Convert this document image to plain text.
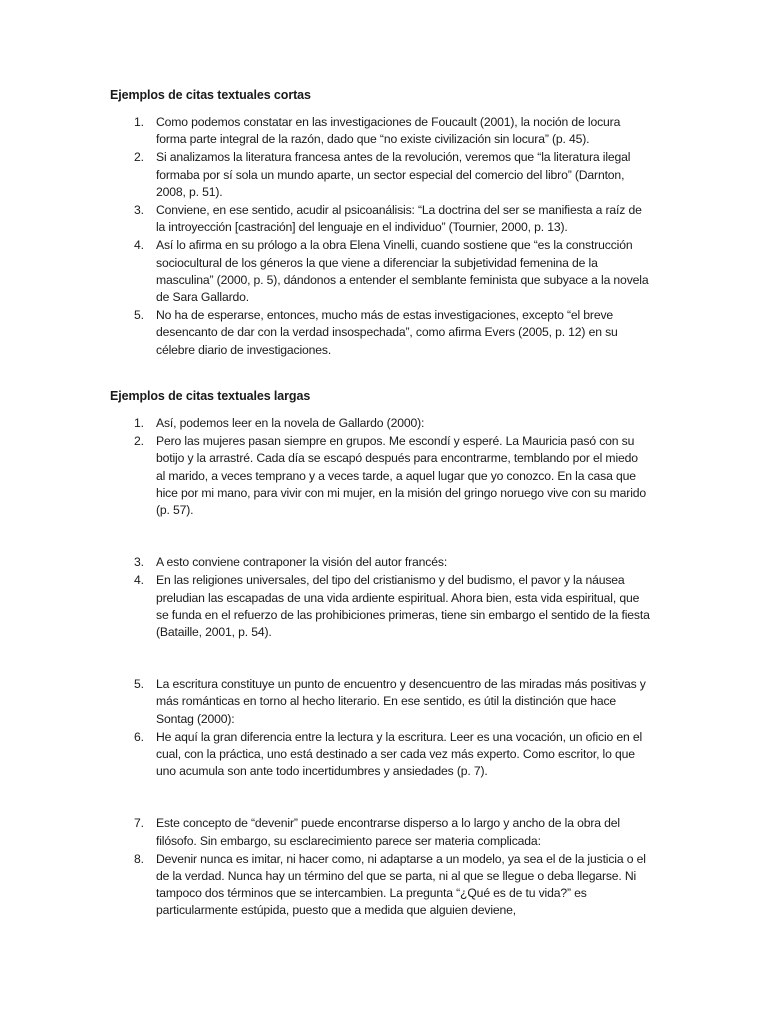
Ejemplos de citas textuales cortas
1. Como podemos constatar en las investigaciones de Foucault (2001), la noción de locura forma parte integral de la razón, dado que “no existe civilización sin locura” (p. 45).
2. Si analizamos la literatura francesa antes de la revolución, veremos que “la literatura ilegal formaba por sí sola un mundo aparte, un sector especial del comercio del libro” (Darnton, 2008, p. 51).
3. Conviene, en ese sentido, acudir al psicoanálisis: “La doctrina del ser se manifiesta a raíz de la introyección [castración] del lenguaje en el individuo” (Tournier, 2000, p. 13).
4. Así lo afirma en su prólogo a la obra Elena Vinelli, cuando sostiene que “es la construcción sociocultural de los géneros la que viene a diferenciar la subjetividad femenina de la masculina” (2000, p. 5), dándonos a entender el semblante feminista que subyace a la novela de Sara Gallardo.
5. No ha de esperarse, entonces, mucho más de estas investigaciones, excepto “el breve desencanto de dar con la verdad insospechada”, como afirma Evers (2005, p. 12) en su célebre diario de investigaciones.
Ejemplos de citas textuales largas
1. Así, podemos leer en la novela de Gallardo (2000):
2. Pero las mujeres pasan siempre en grupos. Me escondí y esperé. La Mauricia pasó con su botijo y la arrastré. Cada día se escapó después para encontrarme, temblando por el miedo al marido, a veces temprano y a veces tarde, a aquel lugar que yo conozco. En la casa que hice por mi mano, para vivir con mi mujer, en la misión del gringo noruego vive con su marido (p. 57).
3. A esto conviene contraponer la visión del autor francés:
4. En las religiones universales, del tipo del cristianismo y del budismo, el pavor y la náusea preludian las escapadas de una vida ardiente espiritual. Ahora bien, esta vida espiritual, que se funda en el refuerzo de las prohibiciones primeras, tiene sin embargo el sentido de la fiesta (Bataille, 2001, p. 54).
5. La escritura constituye un punto de encuentro y desencuentro de las miradas más positivas y más románticas en torno al hecho literario. En ese sentido, es útil la distinción que hace Sontag (2000):
6. He aquí la gran diferencia entre la lectura y la escritura. Leer es una vocación, un oficio en el cual, con la práctica, uno está destinado a ser cada vez más experto. Como escritor, lo que uno acumula son ante todo incertidumbres y ansiedades (p. 7).
7. Este concepto de “devenir” puede encontrarse disperso a lo largo y ancho de la obra del filósofo. Sin embargo, su esclarecimiento parece ser materia complicada:
8. Devenir nunca es imitar, ni hacer como, ni adaptarse a un modelo, ya sea el de la justicia o el de la verdad. Nunca hay un término del que se parta, ni al que se llegue o deba llegarse. Ni tampoco dos términos que se intercambien. La pregunta “¿Qué es de tu vida?” es particularmente estúpida, puesto que a medida que alguien deviene,
